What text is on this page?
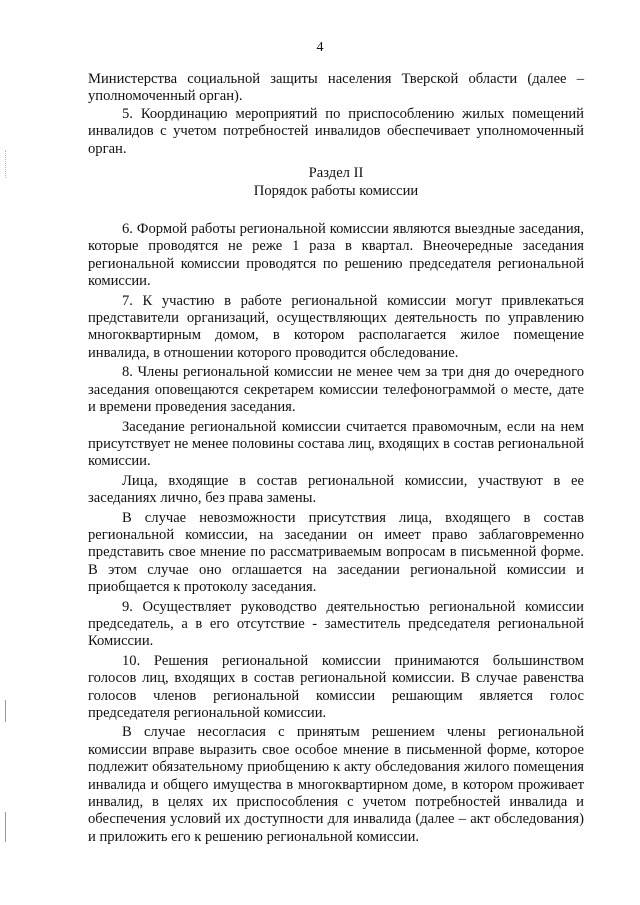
4

Министерства социальной защиты населения Тверской области (далее – уполномоченный орган).

5. Координацию мероприятий по приспособлению жилых помещений инвалидов с учетом потребностей инвалидов обеспечивает уполномоченный орган.

Раздел II
Порядок работы комиссии

6. Формой работы региональной комиссии являются выездные заседания, которые проводятся не реже 1 раза в квартал. Внеочередные заседания региональной комиссии проводятся по решению председателя региональной комиссии.

7. К участию в работе региональной комиссии могут привлекаться представители организаций, осуществляющих деятельность по управлению многоквартирным домом, в котором располагается жилое помещение инвалида, в отношении которого проводится обследование.

8. Члены региональной комиссии не менее чем за три дня до очередного заседания оповещаются секретарем комиссии телефонограммой о месте, дате и времени проведения заседания.

Заседание региональной комиссии считается правомочным, если на нем присутствует не менее половины состава лиц, входящих в состав региональной комиссии.

Лица, входящие в состав региональной комиссии, участвуют в ее заседаниях лично, без права замены.

В случае невозможности присутствия лица, входящего в состав региональной комиссии, на заседании он имеет право заблаговременно представить свое мнение по рассматриваемым вопросам в письменной форме. В этом случае оно оглашается на заседании региональной комиссии и приобщается к протоколу заседания.

9. Осуществляет руководство деятельностью региональной комиссии председатель, а в его отсутствие - заместитель председателя региональной Комиссии.

10. Решения региональной комиссии принимаются большинством голосов лиц, входящих в состав региональной комиссии. В случае равенства голосов членов региональной комиссии решающим является голос председателя региональной комиссии.

В случае несогласия с принятым решением члены региональной комиссии вправе выразить свое особое мнение в письменной форме, которое подлежит обязательному приобщению к акту обследования жилого помещения инвалида и общего имущества в многоквартирном доме, в котором проживает инвалид, в целях их приспособления с учетом потребностей инвалида и обеспечения условий их доступности для инвалида (далее – акт обследования) и приложить его к решению региональной комиссии.
